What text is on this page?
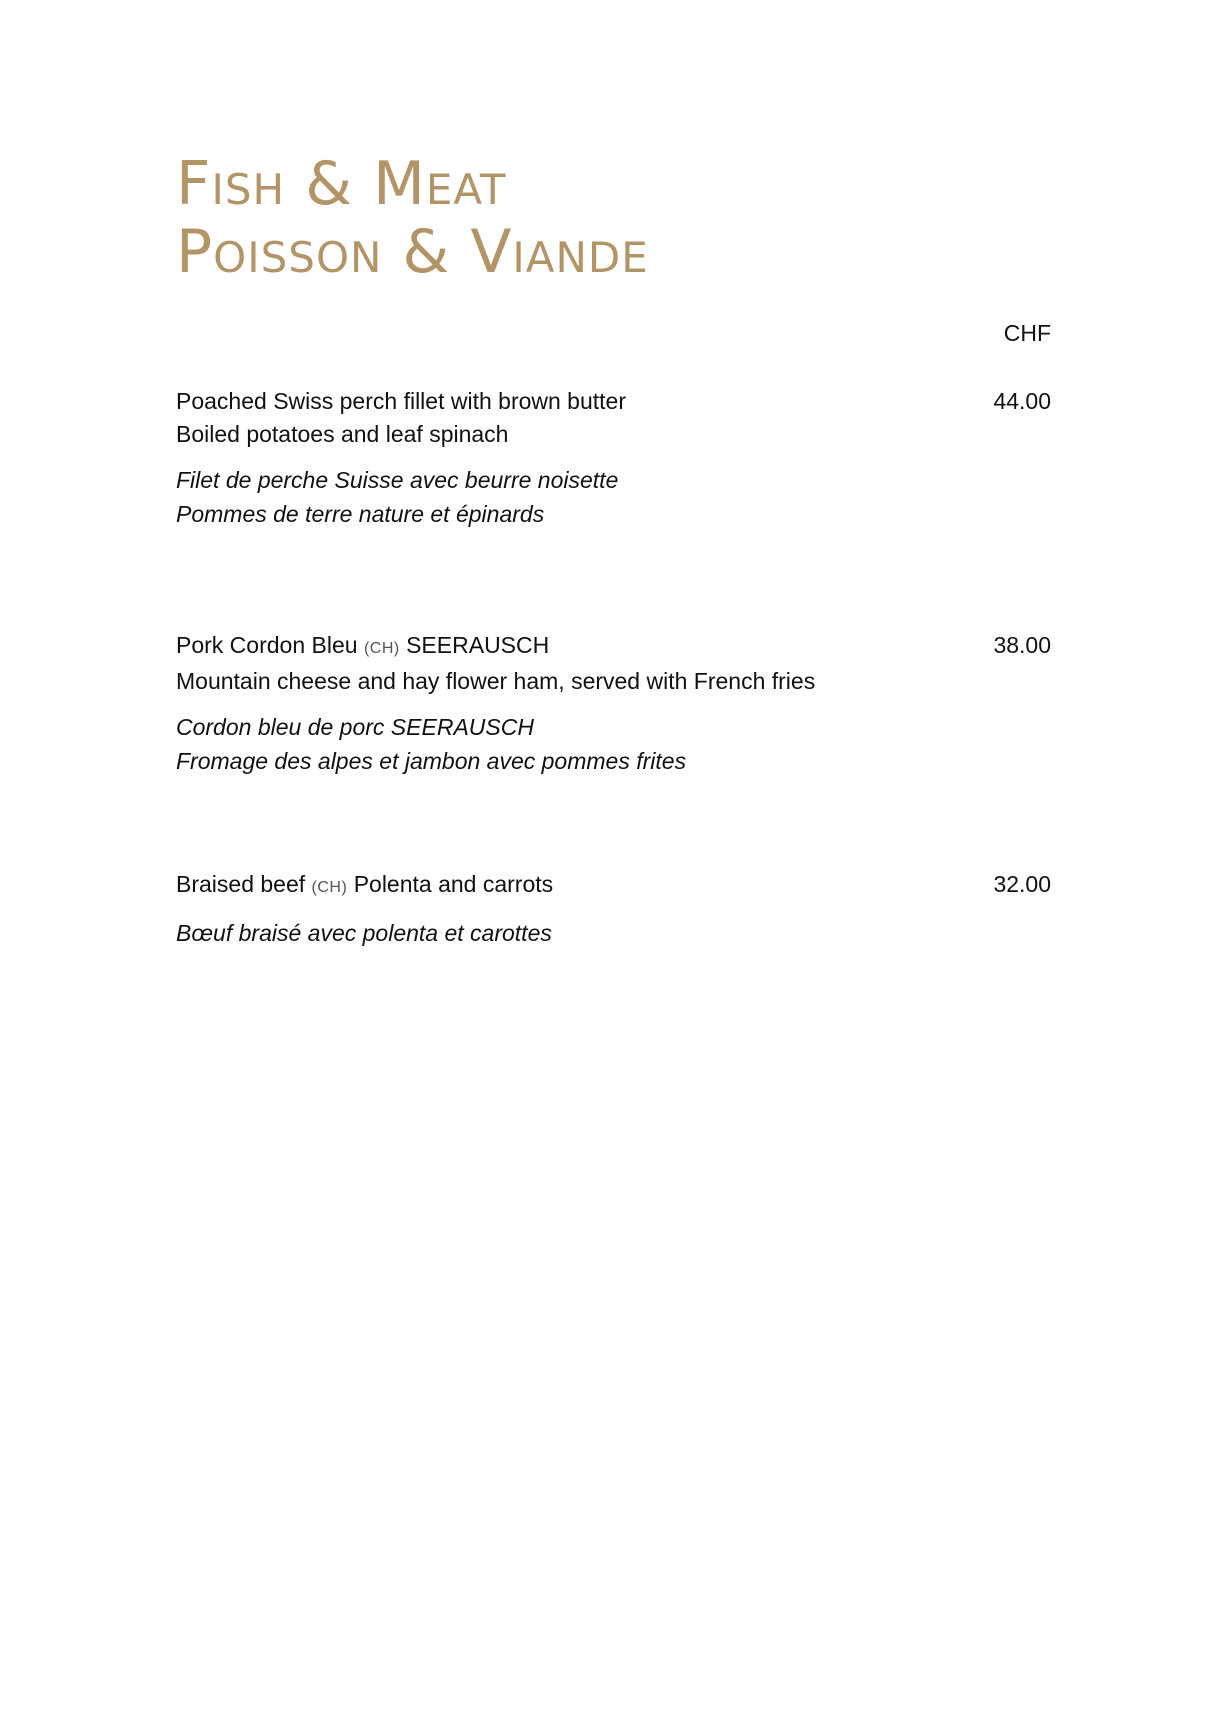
Fish & Meat
Poisson & Viande
CHF
Poached Swiss perch fillet with brown butter	44.00
Boiled potatoes and leaf spinach
Filet de perche Suisse avec beurre noisette
Pommes de terre nature et épinards
Pork Cordon Bleu (CH) SEERAUSCH	38.00
Mountain cheese and hay flower ham, served with French fries
Cordon bleu de porc SEERAUSCH
Fromage des alpes et jambon avec pommes frites
Braised beef (CH) Polenta and carrots	32.00
Bœuf braisé avec polenta et carottes
